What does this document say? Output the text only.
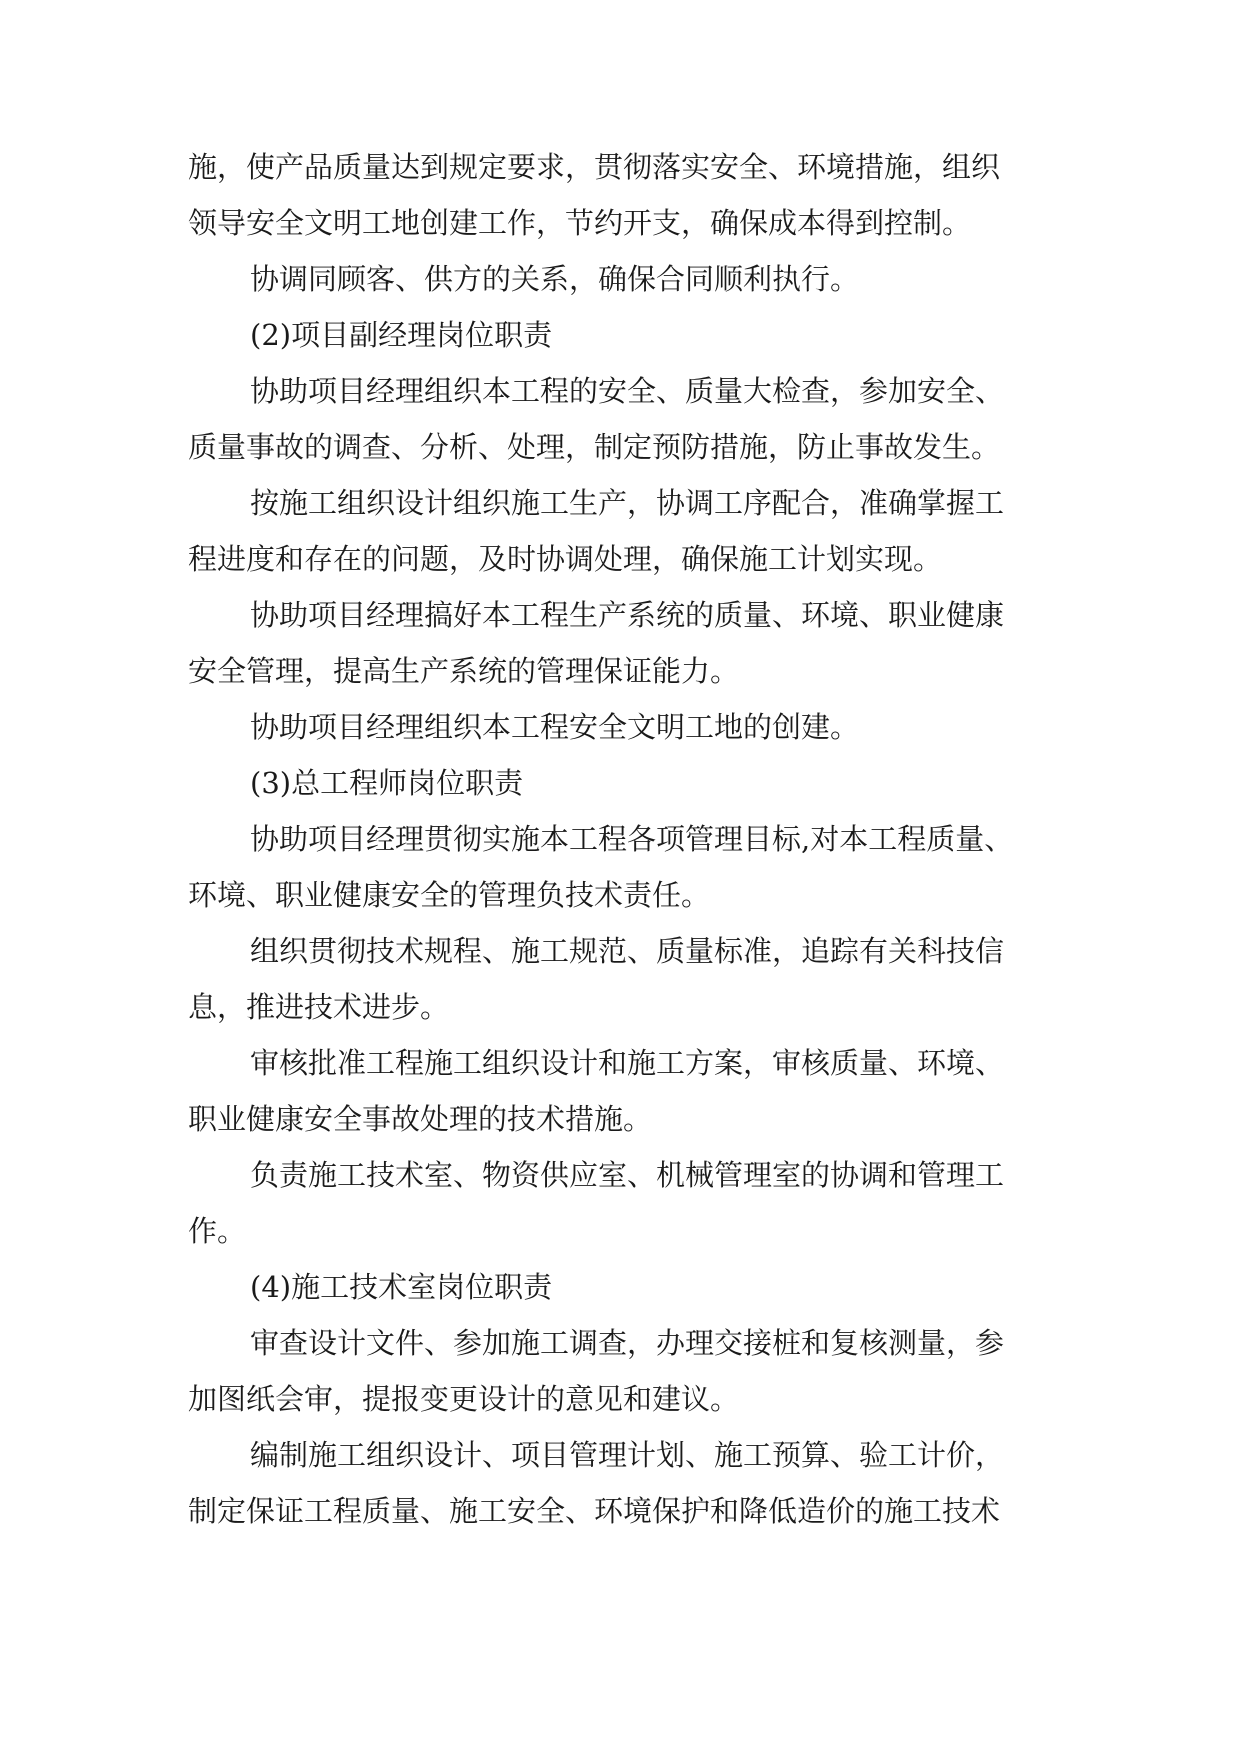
施，使产品质量达到规定要求，贯彻落实安全、环境措施，组织

领导安全文明工地创建工作，节约开支，确保成本得到控制。

协调同顾客、供方的关系，确保合同顺利执行。

(2)项目副经理岗位职责

协助项目经理组织本工程的安全、质量大检查，参加安全、

质量事故的调查、分析、处理，制定预防措施，防止事故发生。

按施工组织设计组织施工生产，协调工序配合，准确掌握工

程进度和存在的问题，及时协调处理，确保施工计划实现。

协助项目经理搞好本工程生产系统的质量、环境、职业健康

安全管理，提高生产系统的管理保证能力。

协助项目经理组织本工程安全文明工地的创建。

(3)总工程师岗位职责

协助项目经理贯彻实施本工程各项管理目标,对本工程质量、

环境、职业健康安全的管理负技术责任。

组织贯彻技术规程、施工规范、质量标准，追踪有关科技信

息，推进技术进步。

审核批准工程施工组织设计和施工方案，审核质量、环境、

职业健康安全事故处理的技术措施。

负责施工技术室、物资供应室、机械管理室的协调和管理工

作。

(4)施工技术室岗位职责

审查设计文件、参加施工调查，办理交接桩和复核测量，参

加图纸会审，提报变更设计的意见和建议。

编制施工组织设计、项目管理计划、施工预算、验工计价，

制定保证工程质量、施工安全、环境保护和降低造价的施工技术
